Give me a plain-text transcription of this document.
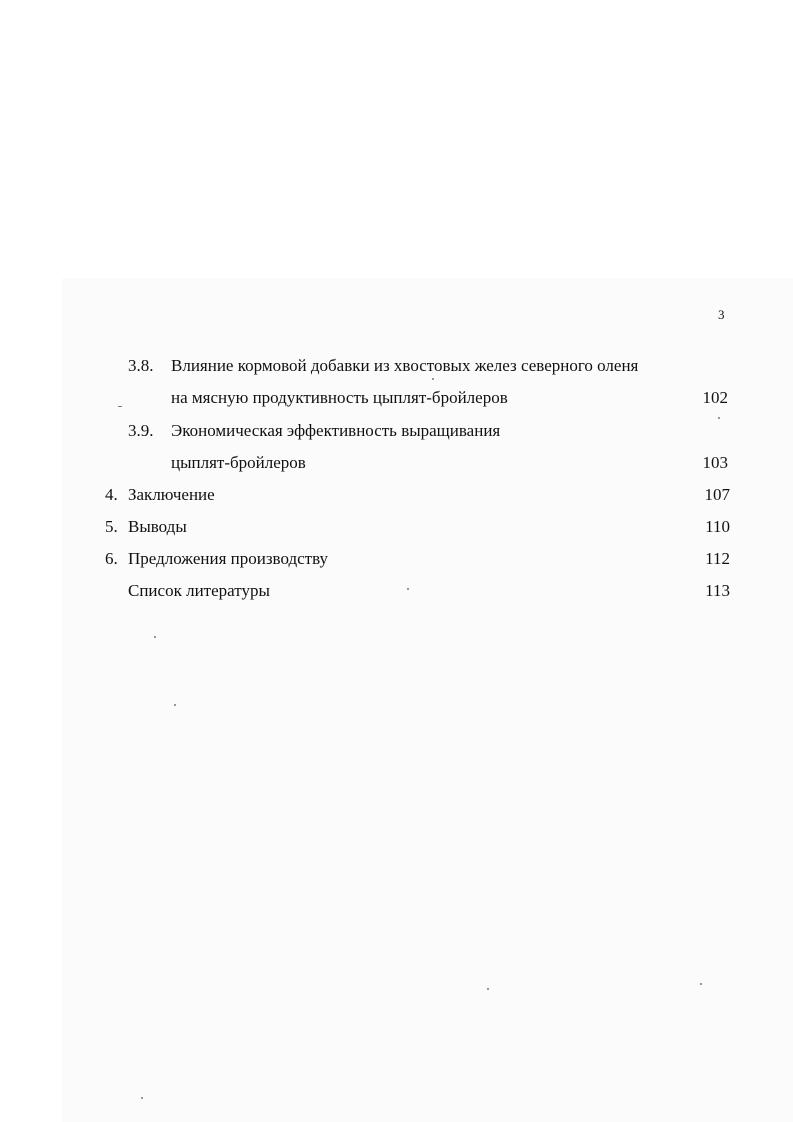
3
3.8. Влияние кормовой добавки из хвостовых желез северного оленя
на мясную продуктивность цыплят-бройлеров	102
3.9. Экономическая эффективность выращивания
цыплят-бройлеров	103
4. Заключение	107
5. Выводы	110
6. Предложения производству	112
Список литературы	113
